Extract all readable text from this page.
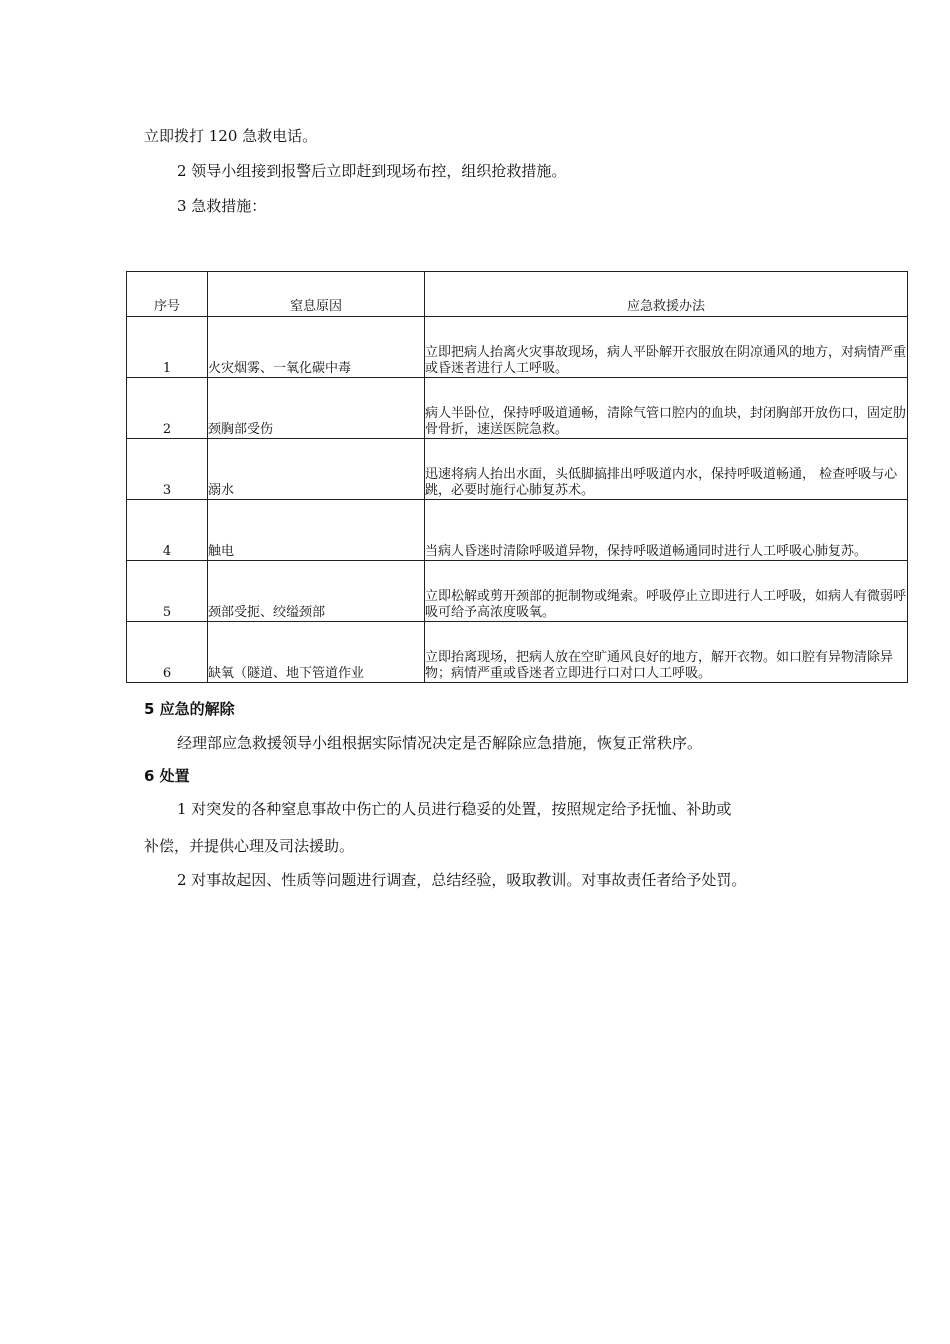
立即拨打 120 急救电话。
2 领导小组接到报警后立即赶到现场布控，组织抢救措施。
3 急救措施：
序号	窒息原因	应急救援办法
1	火灾烟雾、一氧化碳中毒	立即把病人抬离火灾事故现场，病人平卧解开衣服放在阴凉通风的地方，对病情严重或昏迷者进行人工呼吸。
2	颈胸部受伤	病人半卧位，保持呼吸道通畅，清除气管口腔内的血块，封闭胸部开放伤口，固定肋骨骨折，速送医院急救。
3	溺水	迅速将病人抬出水面，头低脚搞排出呼吸道内水，保持呼吸道畅通， 检查呼吸与心跳，必要时施行心肺复苏术。
4	触电	当病人昏迷时清除呼吸道异物，保持呼吸道畅通同时进行人工呼吸心肺复苏。
5	颈部受扼、绞缢颈部	立即松解或剪开颈部的扼制物或绳索。呼吸停止立即进行人工呼吸，如病人有微弱呼吸可给予高浓度吸氧。
6	缺氧（隧道、地下管道作业	立即抬离现场，把病人放在空旷通风良好的地方，解开衣物。如口腔有异物清除异物；病情严重或昏迷者立即进行口对口人工呼吸。
5 应急的解除
经理部应急救援领导小组根据实际情况决定是否解除应急措施，恢复正常秩序。
6 处置
1 对突发的各种窒息事故中伤亡的人员进行稳妥的处置，按照规定给予抚恤、补助或
补偿，并提供心理及司法援助。
2 对事故起因、性质等问题进行调查，总结经验，吸取教训。对事故责任者给予处罚。
